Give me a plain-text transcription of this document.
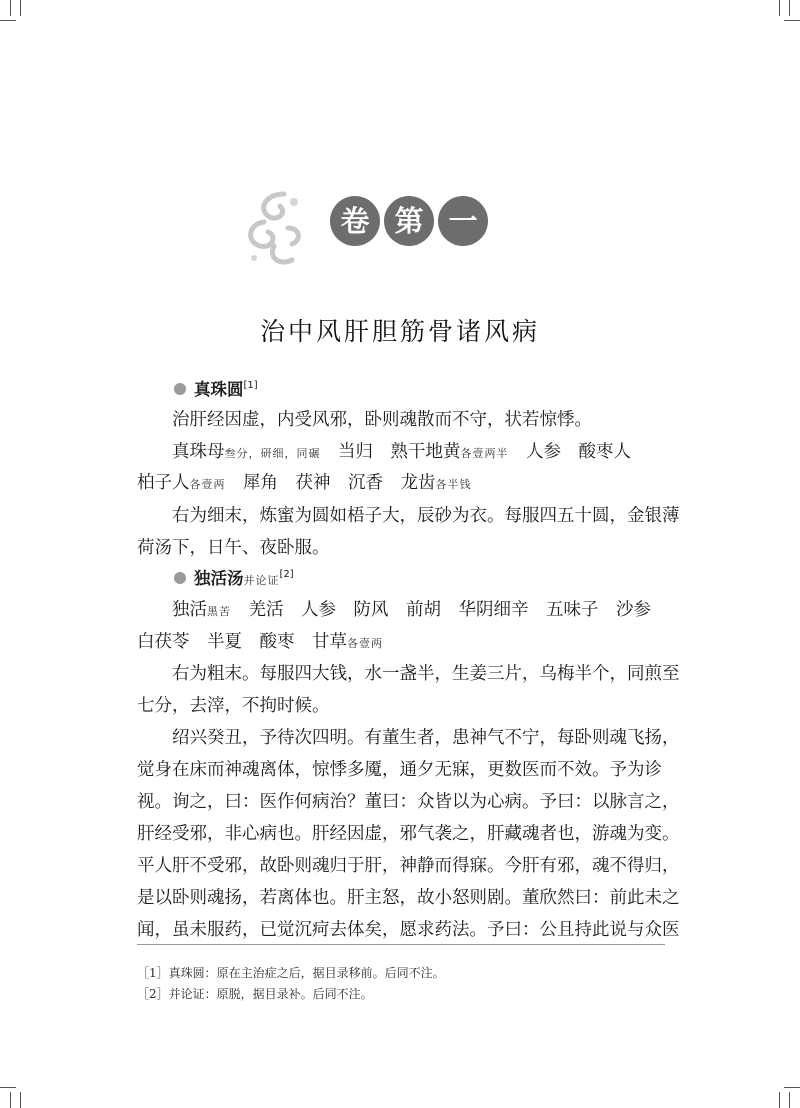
卷 第 一
治中风肝胆筋骨诸风病
真珠圆[1]
治肝经因虚，内受风邪，卧则魂散而不守，状若惊悸。
真珠母叁分，研细，同碾　当归　熟干地黄各壹两半　人参　酸枣人
柏子人各壹两　犀角　茯神　沉香　龙齿各半钱
右为细末，炼蜜为圆如梧子大，辰砂为衣。每服四五十圆，金银薄
荷汤下，日午、夜卧服。
独活汤并论证[2]
独活黑苦　羌活　人参　防风　前胡　华阴细辛　五味子　沙参
白茯苓　半夏　酸枣　甘草各壹两
右为粗末。每服四大钱，水一盏半，生姜三片，乌梅半个，同煎至
七分，去滓，不拘时候。
绍兴癸丑，予待次四明。有董生者，患神气不宁，每卧则魂飞扬，
觉身在床而神魂离体，惊悸多魇，通夕无寐，更数医而不效。予为诊
视。询之，曰：医作何病治？董曰：众皆以为心病。予曰：以脉言之，
肝经受邪，非心病也。肝经因虚，邪气袭之，肝藏魂者也，游魂为变。
平人肝不受邪，故卧则魂归于肝，神静而得寐。今肝有邪，魂不得归，
是以卧则魂扬，若离体也。肝主怒，故小怒则剧。董欣然曰：前此未之
闻，虽未服药，已觉沉疴去体矣，愿求药法。予曰：公且持此说与众医
［1］真珠圆：原在主治症之后，据目录移前。后同不注。
［2］并论证：原脱，据目录补。后同不注。
